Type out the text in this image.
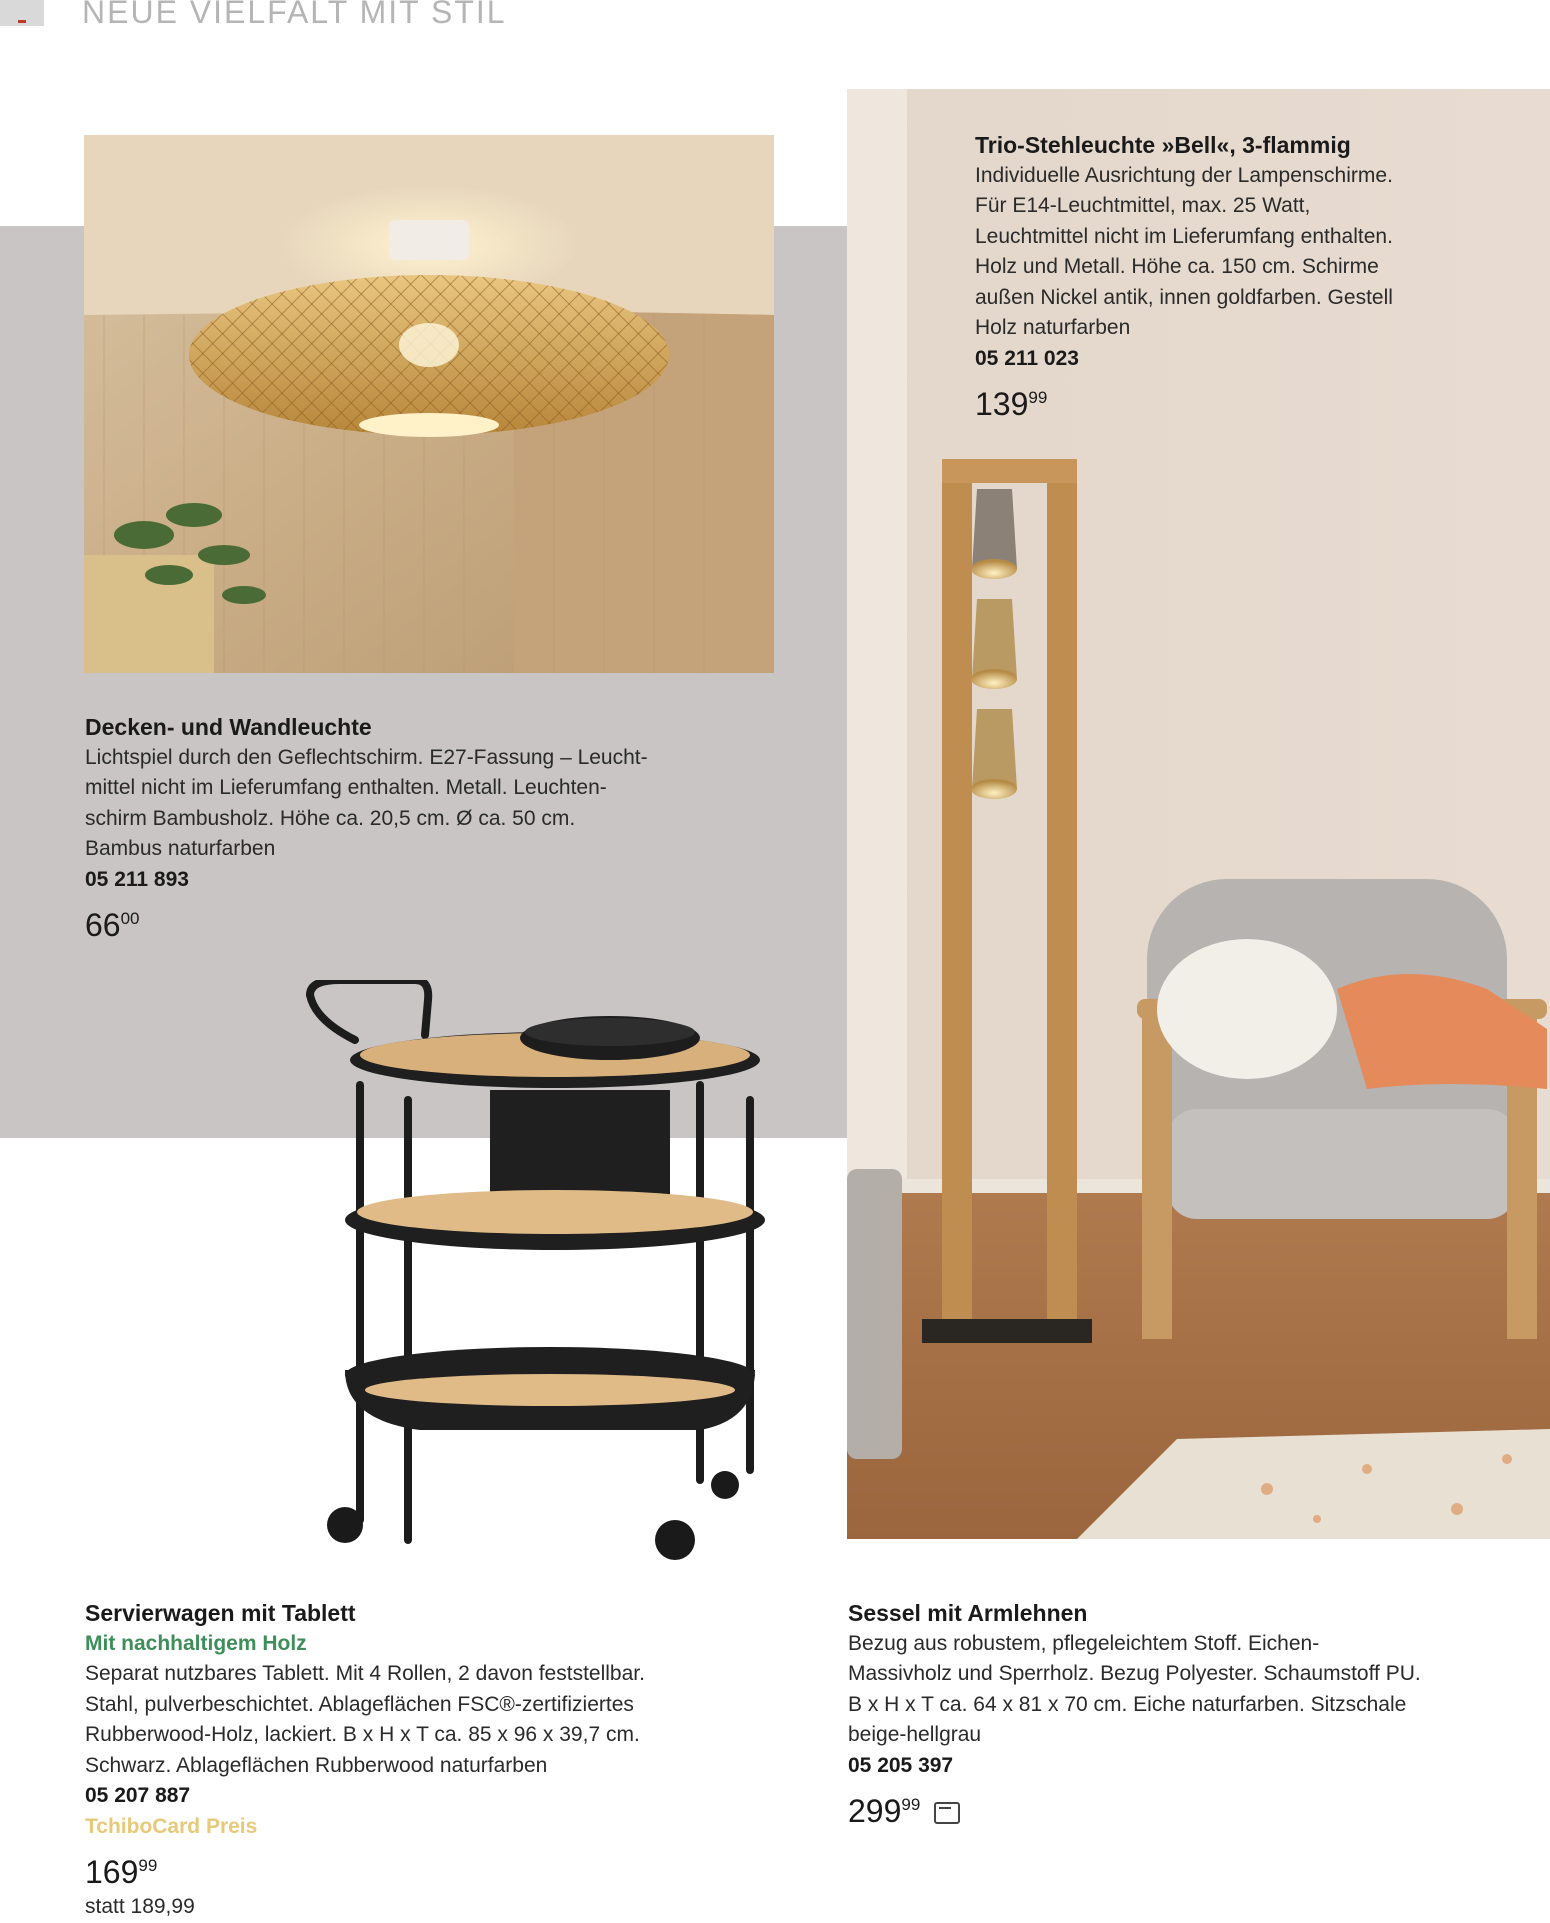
NEUE VIELFALT MIT STIL
Decken- und Wandleuchte
Lichtspiel durch den Geflechtschirm. E27-Fassung – Leucht-
mittel nicht im Lieferumfang enthalten. Metall. Leuchten-
schirm Bambusholz. Höhe ca. 20,5 cm. Ø ca. 50 cm.
Bambus naturfarben
05 211 893
$66^{00}$
Trio-Stehleuchte »Bell«, 3-flammig
Individuelle Ausrichtung der Lampenschirme.
Für E14-Leuchtmittel, max. 25 Watt,
Leuchtmittel nicht im Lieferumfang enthalten.
Holz und Metall. Höhe ca. 150 cm. Schirme
außen Nickel antik, innen goldfarben. Gestell
Holz naturfarben
05 211 023
$139^{99}$
Servierwagen mit Tablett
Mit nachhaltigem Holz
Separat nutzbares Tablett. Mit 4 Rollen, 2 davon feststellbar.
Stahl, pulverbeschichtet. Ablageflächen FSC®-zertifiziertes
Rubberwood-Holz, lackiert. B x H x T ca. 85 x 96 x 39,7 cm.
Schwarz. Ablageflächen Rubberwood naturfarben
05 207 887
TchiboCard Preis
$169^{99}$
statt 189,99
Sessel mit Armlehnen
Bezug aus robustem, pflegeleichtem Stoff. Eichen-
Massivholz und Sperrholz. Bezug Polyester. Schaumstoff PU.
B x H x T ca. 64 x 81 x 70 cm. Eiche naturfarben. Sitzschale
beige-hellgrau
05 205 397
$299^{99}$
